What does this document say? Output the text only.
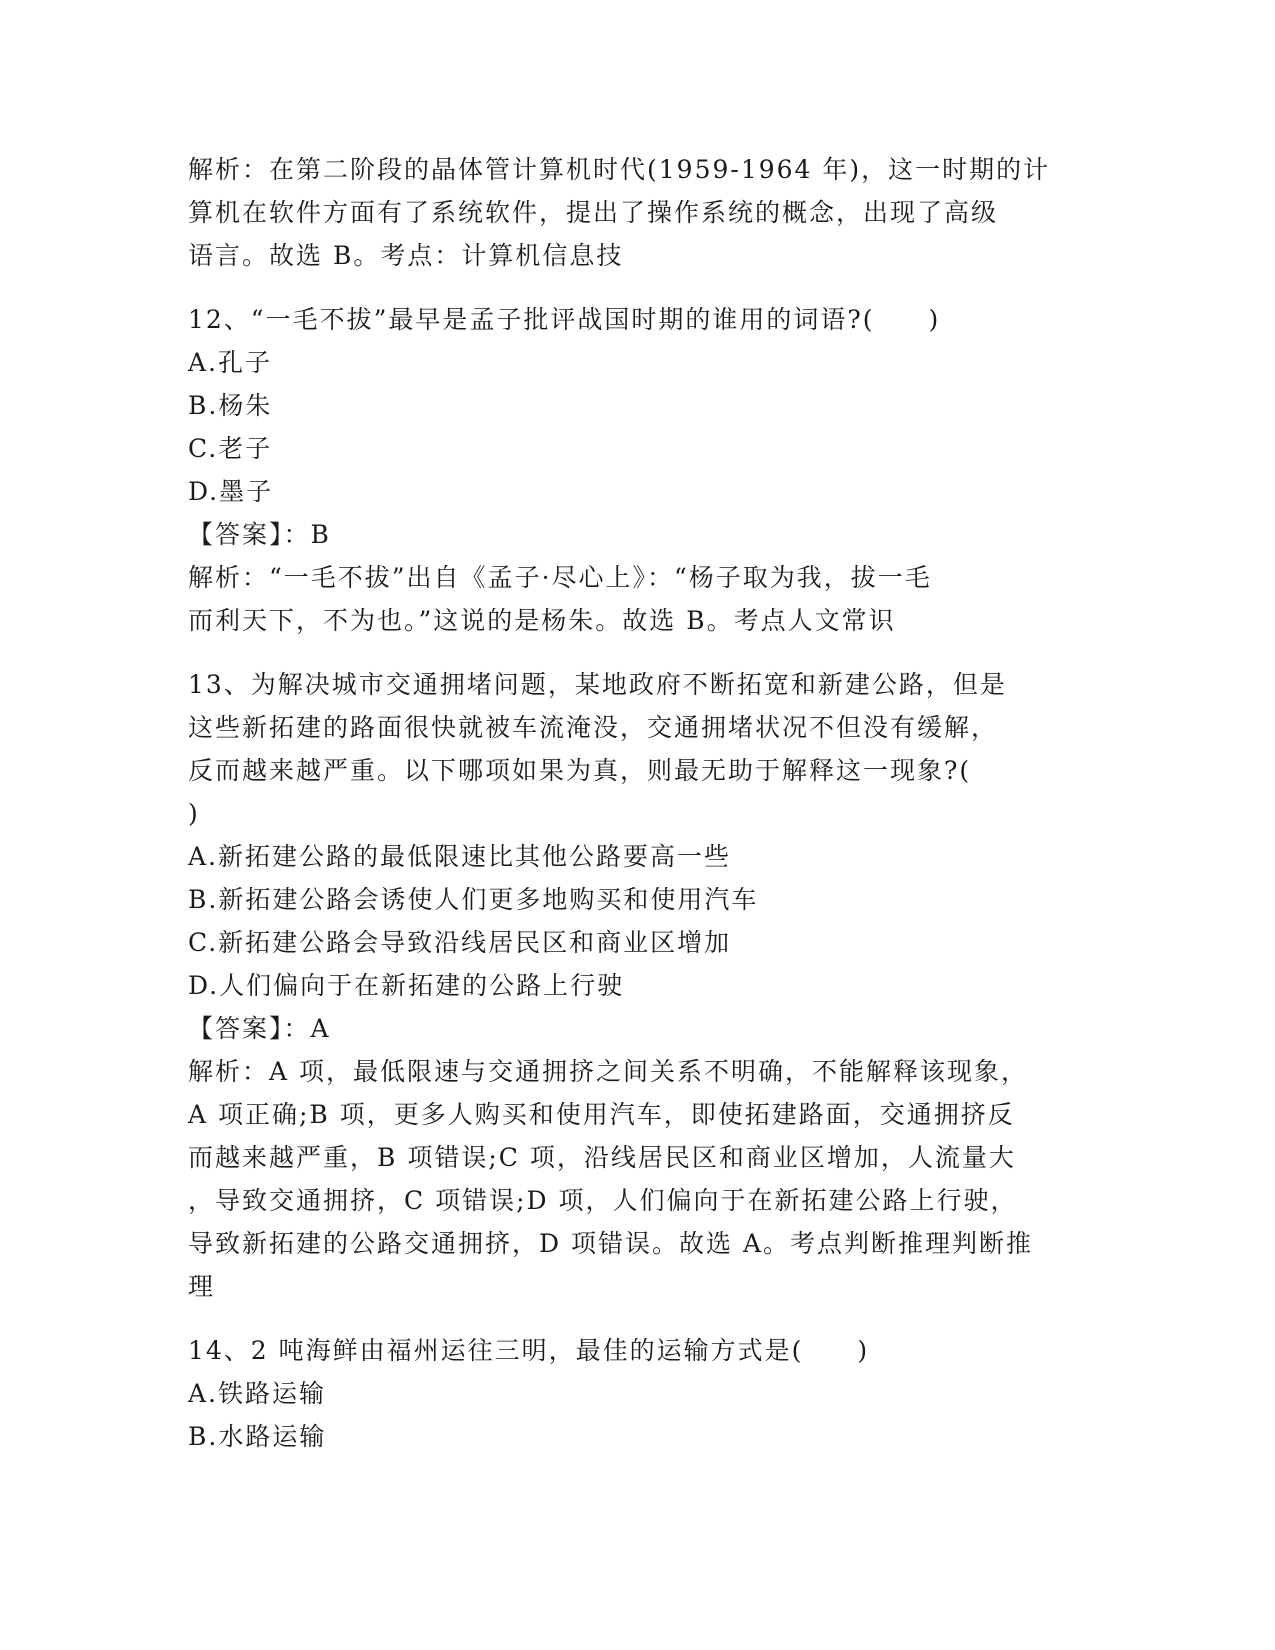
解析：在第二阶段的晶体管计算机时代(1959-1964 年)，这一时期的计
算机在软件方面有了系统软件，提出了操作系统的概念，出现了高级
语言。故选 B。考点：计算机信息技
12、“一毛不拔”最早是孟子批评战国时期的谁用的词语?(　　)
A.孔子
B.杨朱
C.老子
D.墨子
【答案】：B
解析：“一毛不拔”出自《孟子·尽心上》：“杨子取为我，拔一毛
而利天下，不为也。”这说的是杨朱。故选 B。考点人文常识
13、为解决城市交通拥堵问题，某地政府不断拓宽和新建公路，但是
这些新拓建的路面很快就被车流淹没，交通拥堵状况不但没有缓解，
反而越来越严重。以下哪项如果为真，则最无助于解释这一现象?(
)
A.新拓建公路的最低限速比其他公路要高一些
B.新拓建公路会诱使人们更多地购买和使用汽车
C.新拓建公路会导致沿线居民区和商业区增加
D.人们偏向于在新拓建的公路上行驶
【答案】：A
解析：A 项，最低限速与交通拥挤之间关系不明确，不能解释该现象，
A 项正确;B 项，更多人购买和使用汽车，即使拓建路面，交通拥挤反
而越来越严重，B 项错误;C 项，沿线居民区和商业区增加，人流量大
，导致交通拥挤，C 项错误;D 项，人们偏向于在新拓建公路上行驶，
导致新拓建的公路交通拥挤，D 项错误。故选 A。考点判断推理判断推
理
14、2 吨海鲜由福州运往三明，最佳的运输方式是(　　)
A.铁路运输
B.水路运输
